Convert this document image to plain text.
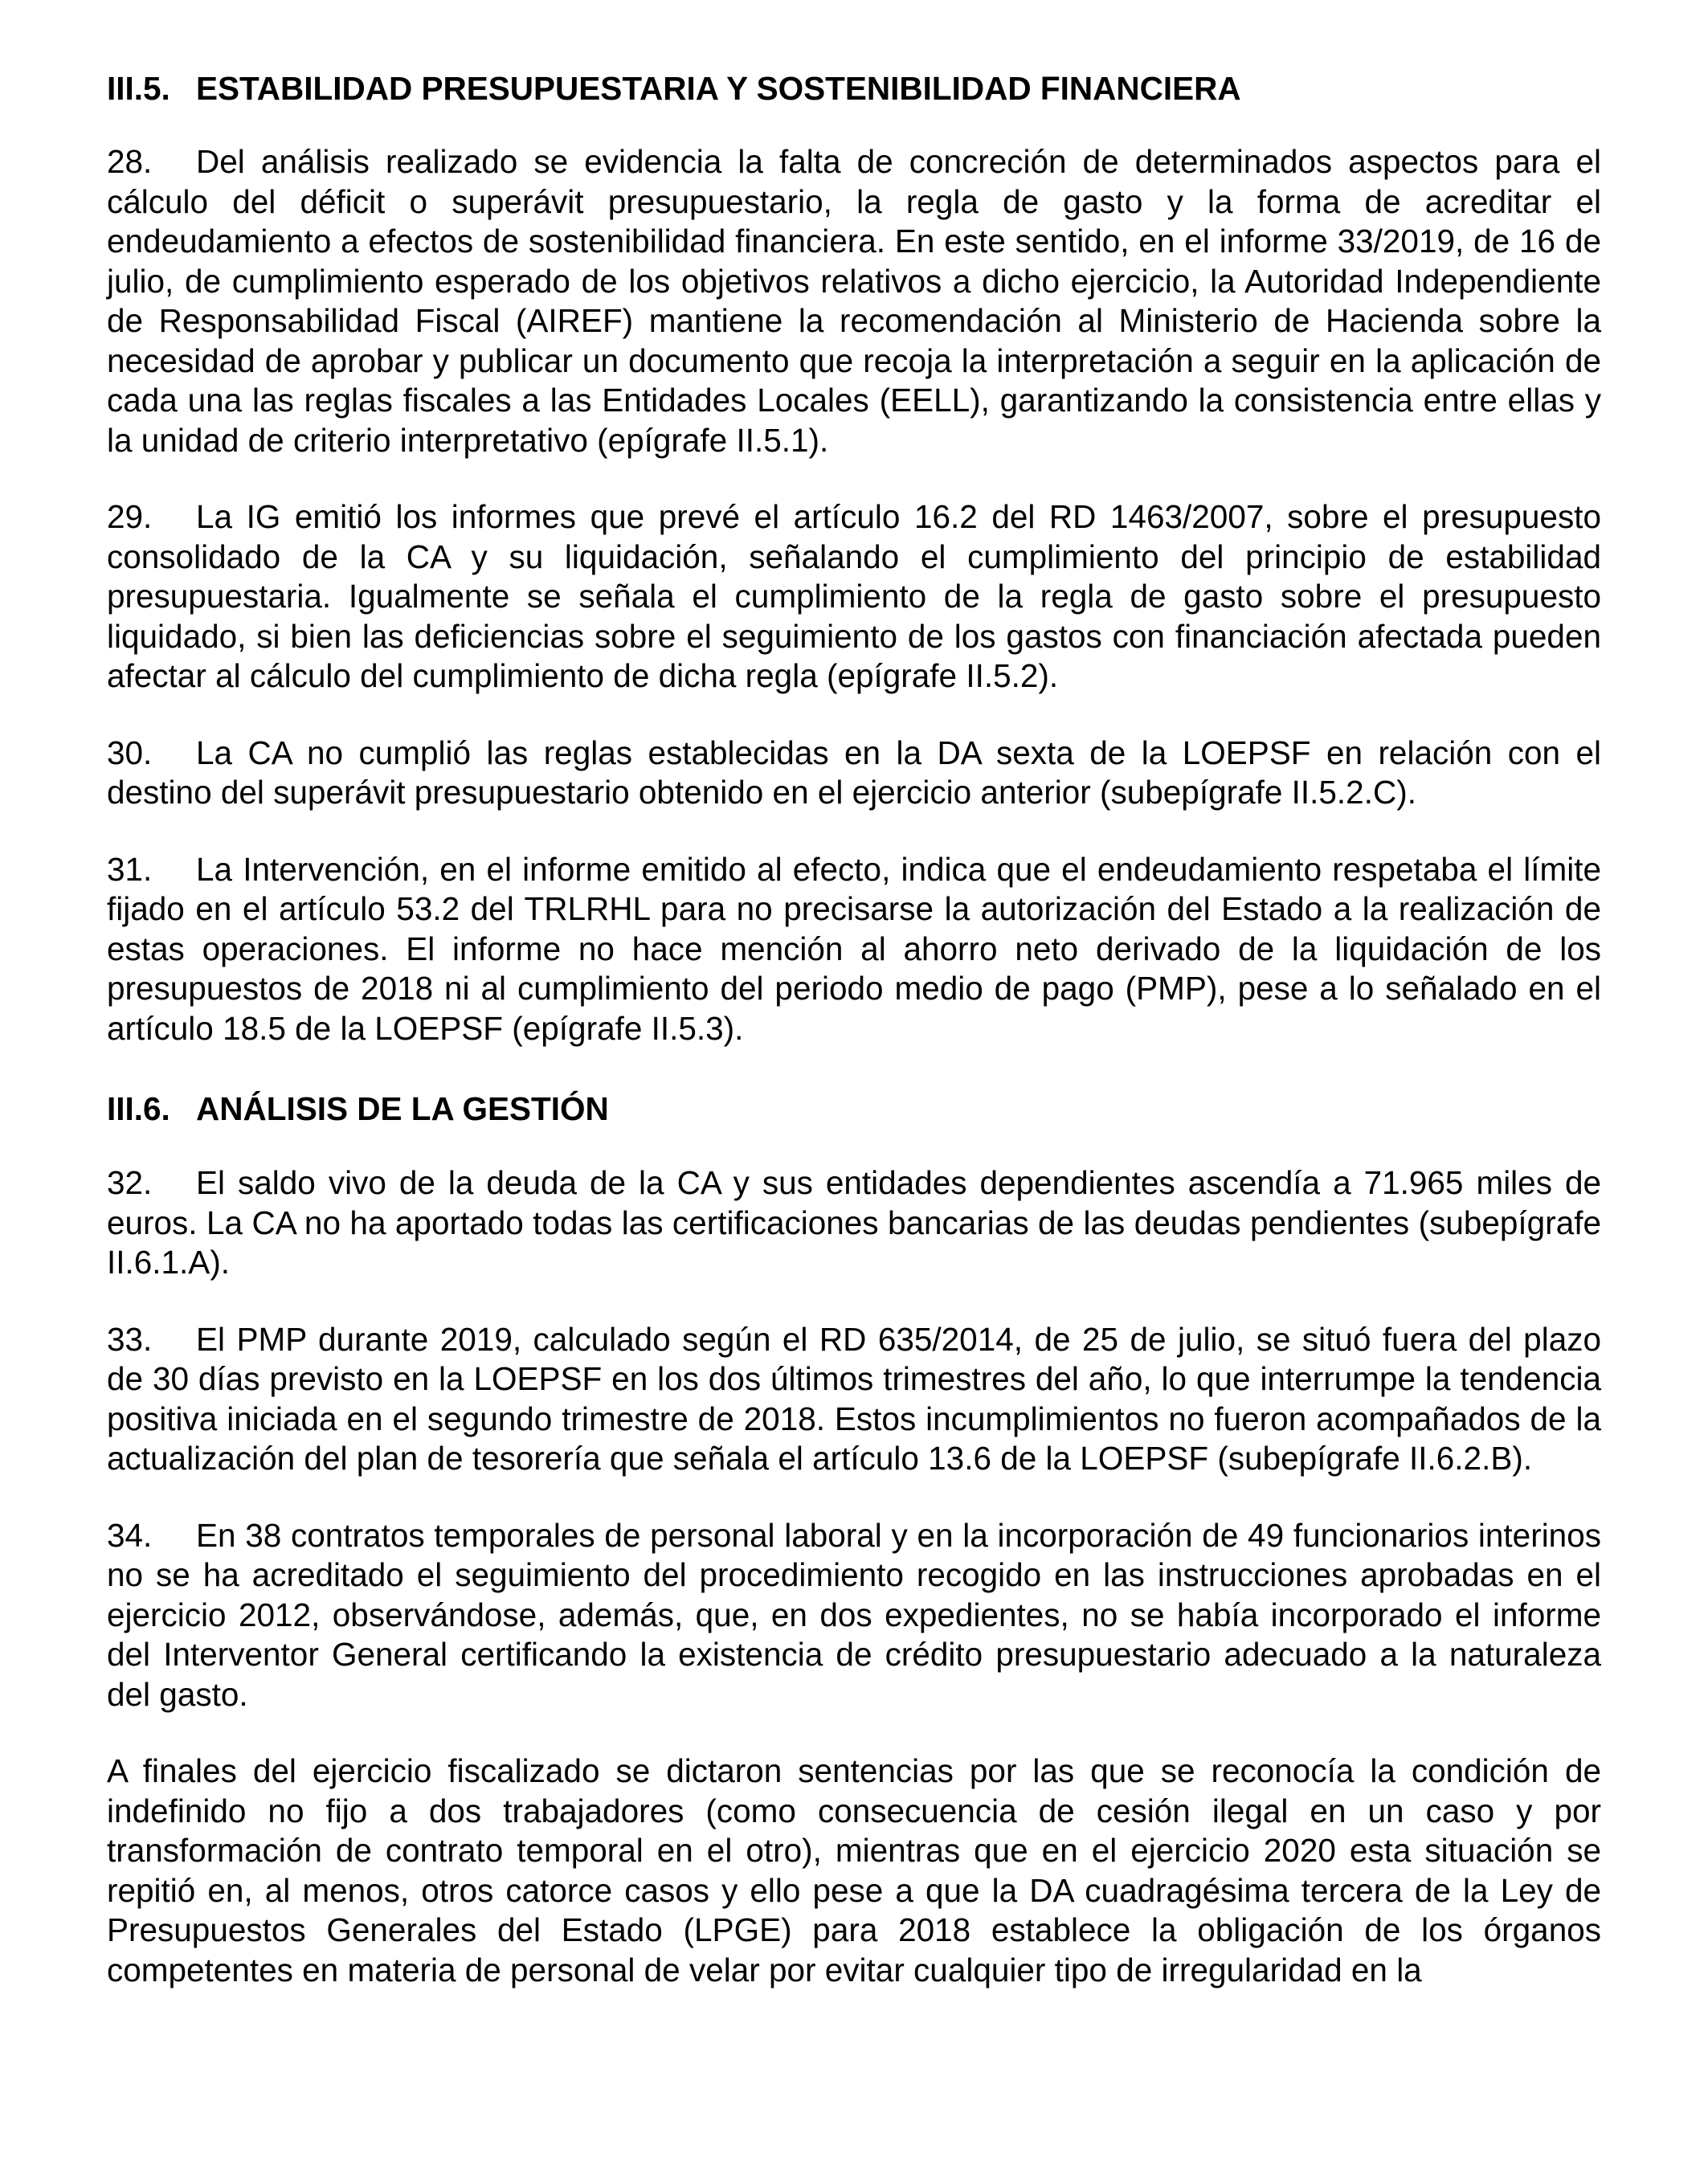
III.5. ESTABILIDAD PRESUPUESTARIA Y SOSTENIBILIDAD FINANCIERA

28. Del análisis realizado se evidencia la falta de concreción de determinados aspectos para el cálculo del déficit o superávit presupuestario, la regla de gasto y la forma de acreditar el endeudamiento a efectos de sostenibilidad financiera. En este sentido, en el informe 33/2019, de 16 de julio, de cumplimiento esperado de los objetivos relativos a dicho ejercicio, la Autoridad Independiente de Responsabilidad Fiscal (AIREF) mantiene la recomendación al Ministerio de Hacienda sobre la necesidad de aprobar y publicar un documento que recoja la interpretación a seguir en la aplicación de cada una las reglas fiscales a las Entidades Locales (EELL), garantizando la consistencia entre ellas y la unidad de criterio interpretativo (epígrafe II.5.1).

29. La IG emitió los informes que prevé el artículo 16.2 del RD 1463/2007, sobre el presupuesto consolidado de la CA y su liquidación, señalando el cumplimiento del principio de estabilidad presupuestaria. Igualmente se señala el cumplimiento de la regla de gasto sobre el presupuesto liquidado, si bien las deficiencias sobre el seguimiento de los gastos con financiación afectada pueden afectar al cálculo del cumplimiento de dicha regla (epígrafe II.5.2).

30. La CA no cumplió las reglas establecidas en la DA sexta de la LOEPSF en relación con el destino del superávit presupuestario obtenido en el ejercicio anterior (subepígrafe II.5.2.C).

31. La Intervención, en el informe emitido al efecto, indica que el endeudamiento respetaba el límite fijado en el artículo 53.2 del TRLRHL para no precisarse la autorización del Estado a la realización de estas operaciones. El informe no hace mención al ahorro neto derivado de la liquidación de los presupuestos de 2018 ni al cumplimiento del periodo medio de pago (PMP), pese a lo señalado en el artículo 18.5 de la LOEPSF (epígrafe II.5.3).

III.6. ANÁLISIS DE LA GESTIÓN

32. El saldo vivo de la deuda de la CA y sus entidades dependientes ascendía a 71.965 miles de euros. La CA no ha aportado todas las certificaciones bancarias de las deudas pendientes (subepígrafe II.6.1.A).

33. El PMP durante 2019, calculado según el RD 635/2014, de 25 de julio, se situó fuera del plazo de 30 días previsto en la LOEPSF en los dos últimos trimestres del año, lo que interrumpe la tendencia positiva iniciada en el segundo trimestre de 2018. Estos incumplimientos no fueron acompañados de la actualización del plan de tesorería que señala el artículo 13.6 de la LOEPSF (subepígrafe II.6.2.B).

34. En 38 contratos temporales de personal laboral y en la incorporación de 49 funcionarios interinos no se ha acreditado el seguimiento del procedimiento recogido en las instrucciones aprobadas en el ejercicio 2012, observándose, además, que, en dos expedientes, no se había incorporado el informe del Interventor General certificando la existencia de crédito presupuestario adecuado a la naturaleza del gasto.

A finales del ejercicio fiscalizado se dictaron sentencias por las que se reconocía la condición de indefinido no fijo a dos trabajadores (como consecuencia de cesión ilegal en un caso y por transformación de contrato temporal en el otro), mientras que en el ejercicio 2020 esta situación se repitió en, al menos, otros catorce casos y ello pese a que la DA cuadragésima tercera de la Ley de Presupuestos Generales del Estado (LPGE) para 2018 establece la obligación de los órganos competentes en materia de personal de velar por evitar cualquier tipo de irregularidad en la
